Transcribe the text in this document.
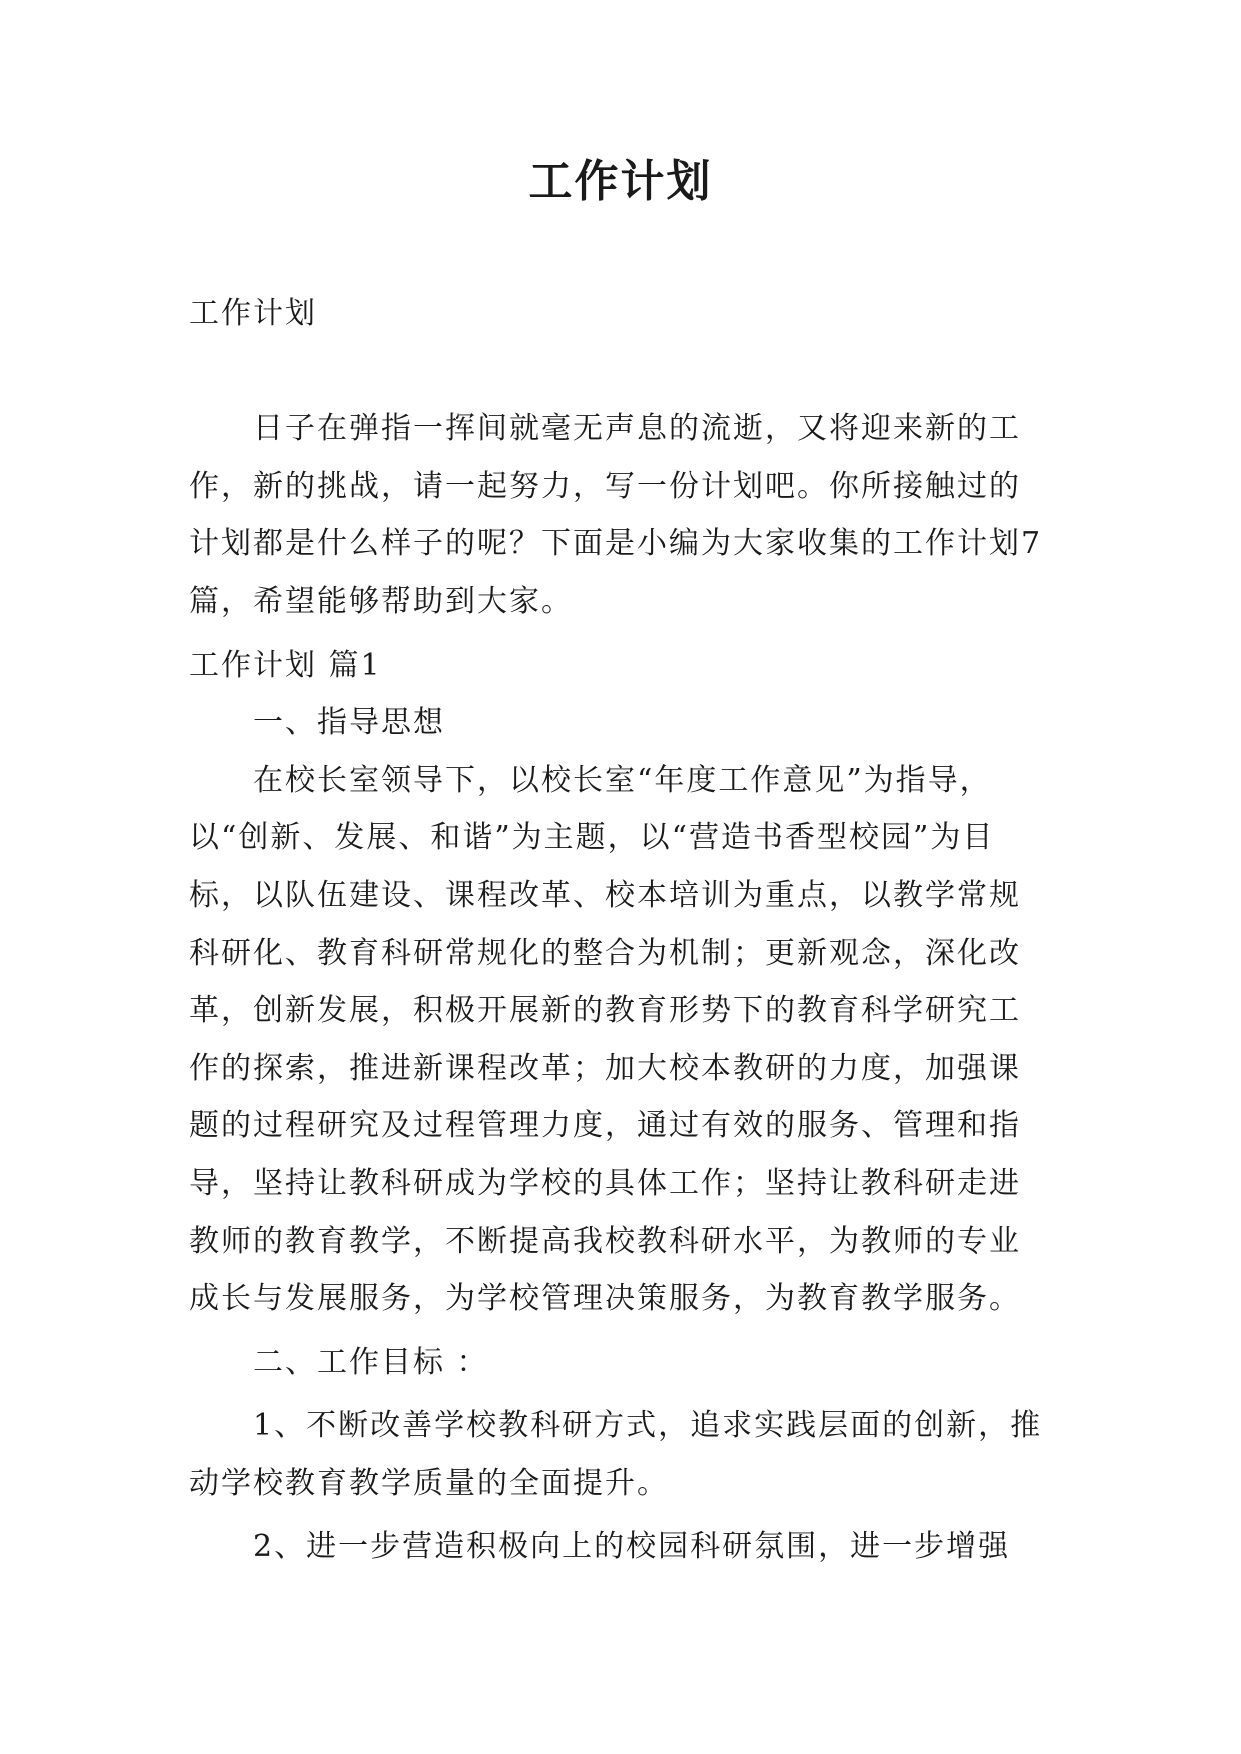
工作计划

工作计划

日子在弹指一挥间就毫无声息的流逝，又将迎来新的工作，新的挑战，请一起努力，写一份计划吧。你所接触过的计划都是什么样子的呢？下面是小编为大家收集的工作计划7篇，希望能够帮助到大家。

工作计划 篇1

一、指导思想

在校长室领导下，以校长室“年度工作意见”为指导，以“创新、发展、和谐”为主题，以“营造书香型校园”为目标，以队伍建设、课程改革、校本培训为重点，以教学常规科研化、教育科研常规化的整合为机制；更新观念，深化改革，创新发展，积极开展新的教育形势下的教育科学研究工作的探索，推进新课程改革；加大校本教研的力度，加强课题的过程研究及过程管理力度，通过有效的服务、管理和指导，坚持让教科研成为学校的具体工作；坚持让教科研走进教师的教育教学，不断提高我校教科研水平，为教师的专业成长与发展服务，为学校管理决策服务，为教育教学服务。

二、工作目标 ：

1、不断改善学校教科研方式，追求实践层面的创新，推动学校教育教学质量的全面提升。

2、进一步营造积极向上的校园科研氛围，进一步增强
